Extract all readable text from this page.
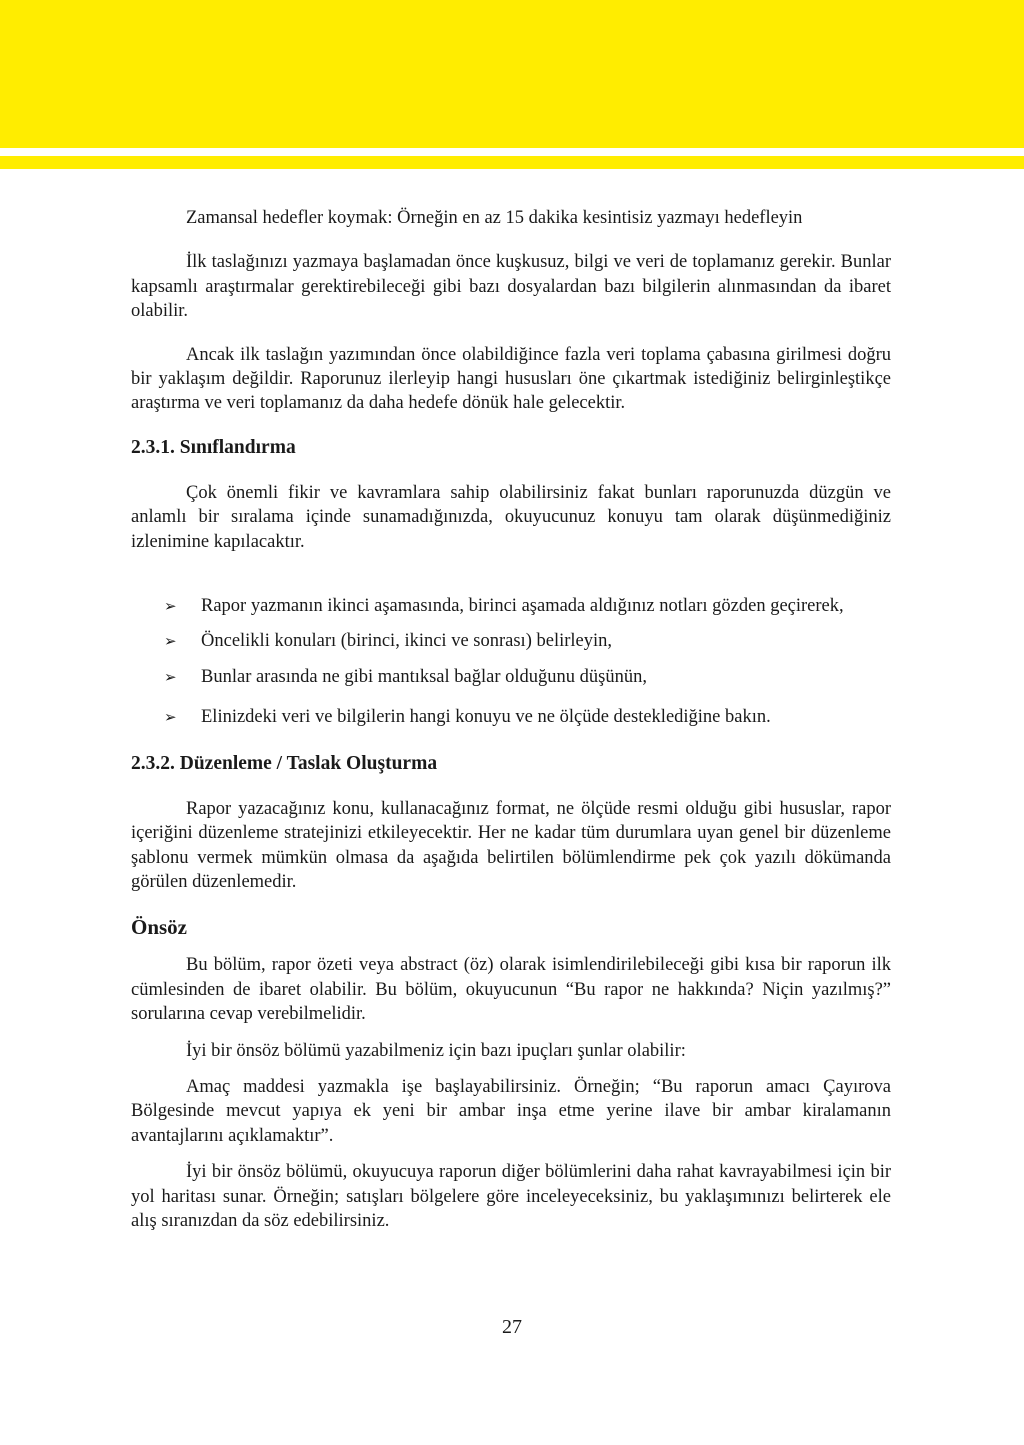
Zamansal hedefler koymak: Örneğin en az 15 dakika kesintisiz yazmayı hedefleyin

İlk taslağınızı yazmaya başlamadan önce kuşkusuz, bilgi ve veri de toplamanız gerekir. Bunlar kapsamlı araştırmalar gerektirebileceği gibi bazı dosyalardan bazı bilgilerin alınmasından da ibaret olabilir.

Ancak ilk taslağın yazımından önce olabildiğince fazla veri toplama çabasına girilmesi doğru bir yaklaşım değildir. Raporunuz ilerleyip hangi hususları öne çıkartmak istediğiniz belirginleştikçe araştırma ve veri toplamanız da daha hedefe dönük hale gelecektir.

2.3.1. Sınıflandırma

Çok önemli fikir ve kavramlara sahip olabilirsiniz fakat bunları raporunuzda düzgün ve anlamlı bir sıralama içinde sunamadığınızda, okuyucunuz konuyu tam olarak düşünmediğiniz izlenimine kapılacaktır.

➢ Rapor yazmanın ikinci aşamasında, birinci aşamada aldığınız notları gözden geçirerek,
➢ Öncelikli konuları (birinci, ikinci ve sonrası) belirleyin,
➢ Bunlar arasında ne gibi mantıksal bağlar olduğunu düşünün,
➢ Elinizdeki veri ve bilgilerin hangi konuyu ve ne ölçüde desteklediğine bakın.
2.3.2. Düzenleme / Taslak Oluşturma

Rapor yazacağınız konu, kullanacağınız format, ne ölçüde resmi olduğu gibi hususlar, rapor içeriğini düzenleme stratejinizi etkileyecektir. Her ne kadar tüm durumlara uyan genel bir düzenleme şablonu vermek mümkün olmasa da aşağıda belirtilen bölümlendirme pek çok yazılı dökümanda görülen düzenlemedir.

Önsöz

Bu bölüm, rapor özeti veya abstract (öz) olarak isimlendirilebileceği gibi kısa bir raporun ilk cümlesinden de ibaret olabilir. Bu bölüm, okuyucunun “Bu rapor ne hakkında? Niçin yazılmış?” sorularına cevap verebilmelidir.

İyi bir önsöz bölümü yazabilmeniz için bazı ipuçları şunlar olabilir:

Amaç maddesi yazmakla işe başlayabilirsiniz. Örneğin; “Bu raporun amacı Çayırova Bölgesinde mevcut yapıya ek yeni bir ambar inşa etme yerine ilave bir ambar kiralamanın avantajlarını açıklamaktır”.

İyi bir önsöz bölümü, okuyucuya raporun diğer bölümlerini daha rahat kavrayabilmesi için bir yol haritası sunar. Örneğin; satışları bölgelere göre inceleyeceksiniz, bu yaklaşımınızı belirterek ele alış sıranızdan da söz edebilirsiniz.

27
